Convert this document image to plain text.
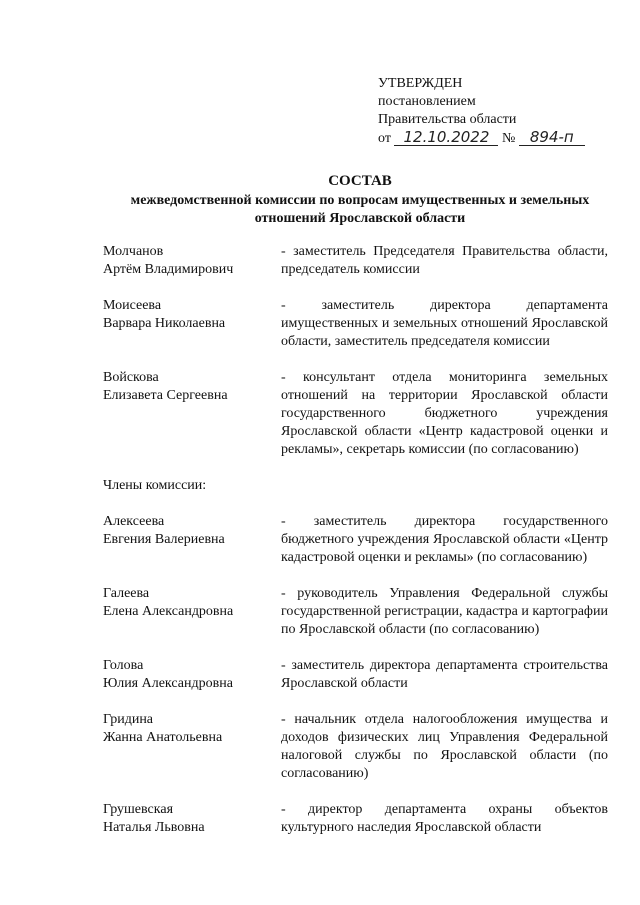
УТВЕРЖДЕН
постановлением
Правительства области
от 12.10.2022 № 894-п
СОСТАВ
межведомственной комиссии по вопросам имущественных и земельных
отношений Ярославской области
Молчанов
Артём Владимирович
- заместитель Председателя Правительства области, председатель комиссии
Моисеева
Варвара Николаевна
- заместитель директора департамента имущественных и земельных отношений Ярославской области, заместитель председателя комиссии
Войскова
Елизавета Сергеевна
- консультант отдела мониторинга земельных отношений на территории Ярославской области государственного бюджетного учреждения Ярославской области «Центр кадастровой оценки и рекламы», секретарь комиссии (по согласованию)
Члены комиссии:
Алексеева
Евгения Валериевна
- заместитель директора государственного бюджетного учреждения Ярославской области «Центр кадастровой оценки и рекламы» (по согласованию)
Галеева
Елена Александровна
- руководитель Управления Федеральной службы государственной регистрации, кадастра и картографии по Ярославской области (по согласованию)
Голова
Юлия Александровна
- заместитель директора департамента строительства Ярославской области
Гридина
Жанна Анатольевна
- начальник отдела налогообложения имущества и доходов физических лиц Управления Федеральной налоговой службы по Ярославской области (по согласованию)
Грушевская
Наталья Львовна
- директор департамента охраны объектов культурного наследия Ярославской области
